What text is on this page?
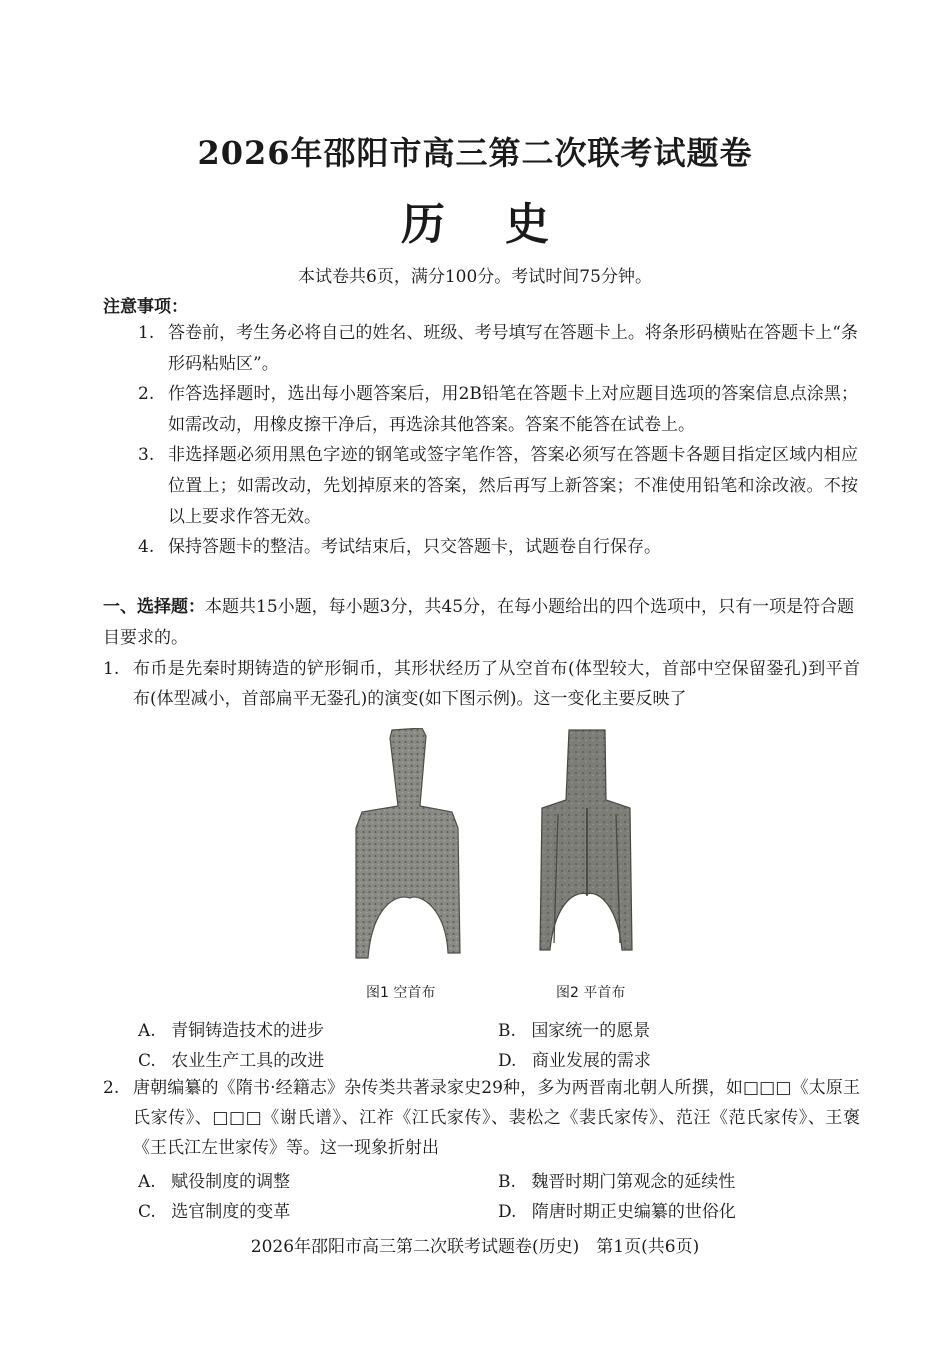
2026年邵阳市高三第二次联考试题卷
历史
本试卷共6页，满分100分。考试时间75分钟。
注意事项：
1. 答卷前，考生务必将自己的姓名、班级、考号填写在答题卡上。将条形码横贴在答题卡上“条形码粘贴区”。
2. 作答选择题时，选出每小题答案后，用2B铅笔在答题卡上对应题目选项的答案信息点涂黑；如需改动，用橡皮擦干净后，再选涂其他答案。答案不能答在试卷上。
3. 非选择题必须用黑色字迹的钢笔或签字笔作答，答案必须写在答题卡各题目指定区域内相应位置上；如需改动，先划掉原来的答案，然后再写上新答案；不准使用铅笔和涂改液。不按以上要求作答无效。
4. 保持答题卡的整洁。考试结束后，只交答题卡，试题卷自行保存。
一、选择题：本题共15小题，每小题3分，共45分，在每小题给出的四个选项中，只有一项是符合题目要求的。
1. 布币是先秦时期铸造的铲形铜币，其形状经历了从空首布(体型较大，首部中空保留銎孔)到平首布(体型减小，首部扁平无銎孔)的演变(如下图示例)。这一变化主要反映了
图1 空首布	图2 平首布
A. 青铜铸造技术的进步	B. 国家统一的愿景
C. 农业生产工具的改进	D. 商业发展的需求
2. 唐朝编纂的《隋书·经籍志》杂传类共著录家史29种，多为两晋南北朝人所撰，如□□□《太原王氏家传》、□□□《谢氏谱》、江祚《江氏家传》、裴松之《裴氏家传》、范汪《范氏家传》、王褒《王氏江左世家传》等。这一现象折射出
A. 赋役制度的调整	B. 魏晋时期门第观念的延续性
C. 选官制度的变革	D. 隋唐时期正史编纂的世俗化
2026年邵阳市高三第二次联考试题卷(历史)　第1页(共6页)
